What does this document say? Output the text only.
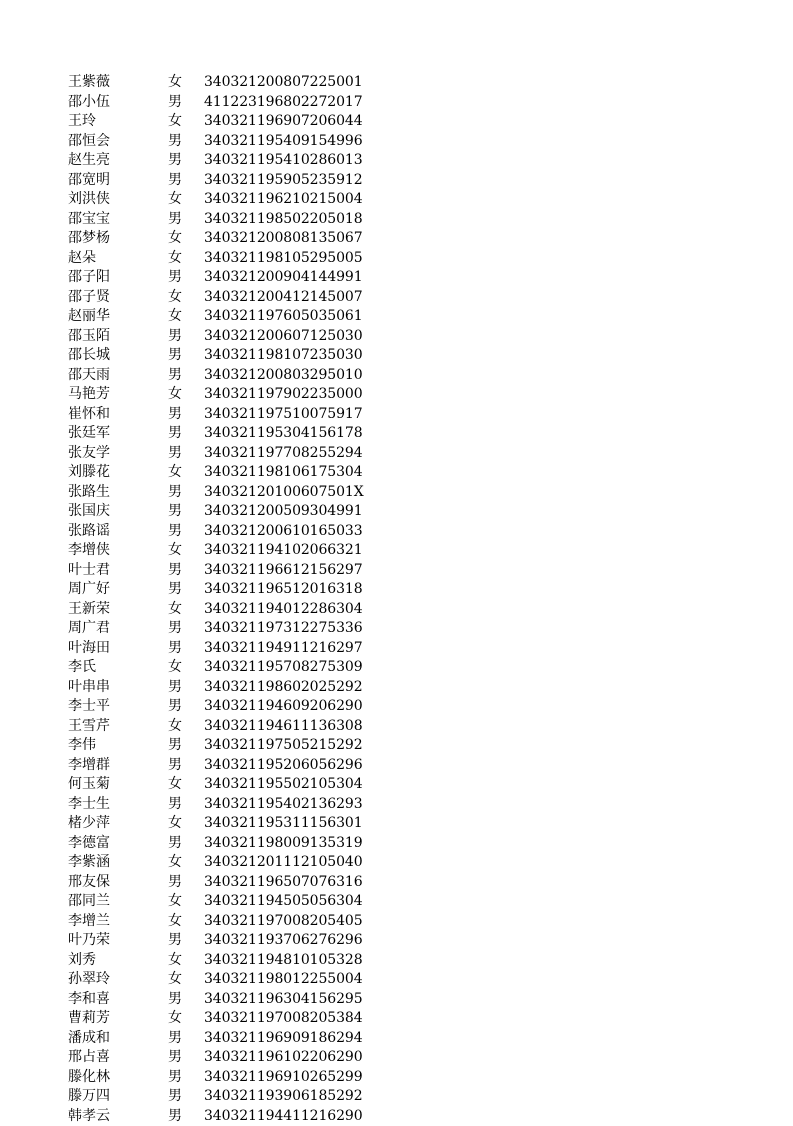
王紫薇	女	340321200807225001
邵小伍	男	411223196802272017
王玲	女	340321196907206044
邵恒会	男	340321195409154996
赵生亮	男	340321195410286013
邵宽明	男	340321195905235912
刘洪侠	女	340321196210215004
邵宝宝	男	340321198502205018
邵梦杨	女	340321200808135067
赵朵	女	340321198105295005
邵子阳	男	340321200904144991
邵子贤	女	340321200412145007
赵丽华	女	340321197605035061
邵玉陌	男	340321200607125030
邵长城	男	340321198107235030
邵天雨	男	340321200803295010
马艳芳	女	340321197902235000
崔怀和	男	340321197510075917
张廷军	男	340321195304156178
张友学	男	340321197708255294
刘滕花	女	340321198106175304
张路生	男	34032120100607501X
张国庆	男	340321200509304991
张路谣	男	340321200610165033
李增侠	女	340321194102066321
叶士君	男	340321196612156297
周广好	男	340321196512016318
王新荣	女	340321194012286304
周广君	男	340321197312275336
叶海田	男	340321194911216297
李氏	女	340321195708275309
叶串串	男	340321198602025292
李士平	男	340321194609206290
王雪芹	女	340321194611136308
李伟	男	340321197505215292
李增群	男	340321195206056296
何玉菊	女	340321195502105304
李士生	男	340321195402136293
楮少萍	女	340321195311156301
李德富	男	340321198009135319
李紫涵	女	340321201112105040
邢友保	男	340321196507076316
邵同兰	女	340321194505056304
李增兰	女	340321197008205405
叶乃荣	男	340321193706276296
刘秀	女	340321194810105328
孙翠玲	女	340321198012255004
李和喜	男	340321196304156295
曹莉芳	女	340321197008205384
潘成和	男	340321196909186294
邢占喜	男	340321196102206290
滕化林	男	340321196910265299
滕万四	男	340321193906185292
韩孝云	男	340321194411216290
